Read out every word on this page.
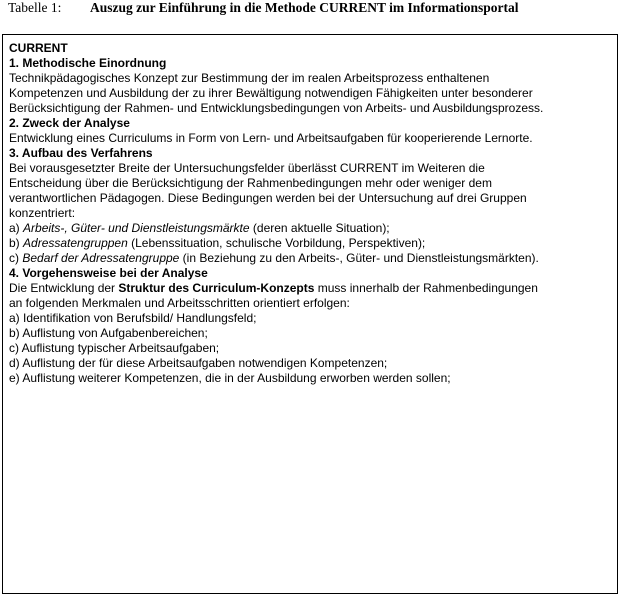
Tabelle 1: Auszug zur Einführung in die Methode CURRENT im Informationsportal

CURRENT

1. Methodische Einordnung

Technikpädagogisches Konzept zur Bestimmung der im realen Arbeitsprozess enthaltenen

Kompetenzen und Ausbildung der zu ihrer Bewältigung notwendigen Fähigkeiten unter besonderer

Berücksichtigung der Rahmen- und Entwicklungsbedingungen von Arbeits- und Ausbildungsprozess.

2. Zweck der Analyse

Entwicklung eines Curriculums in Form von Lern- und Arbeitsaufgaben für kooperierende Lernorte.

3. Aufbau des Verfahrens

Bei vorausgesetzter Breite der Untersuchungsfelder überlässt CURRENT im Weiteren die

Entscheidung über die Berücksichtigung der Rahmenbedingungen mehr oder weniger dem

verantwortlichen Pädagogen. Diese Bedingungen werden bei der Untersuchung auf drei Gruppen

konzentriert:

a) Arbeits-, Güter- und Dienstleistungsmärkte (deren aktuelle Situation);

b) Adressatengruppen (Lebenssituation, schulische Vorbildung, Perspektiven);

c) Bedarf der Adressatengruppe (in Beziehung zu den Arbeits-, Güter- und Dienstleistungsmärkten).

4. Vorgehensweise bei der Analyse

Die Entwicklung der Struktur des Curriculum-Konzepts muss innerhalb der Rahmenbedingungen

an folgenden Merkmalen und Arbeitsschritten orientiert erfolgen:

a) Identifikation von Berufsbild/ Handlungsfeld;

b) Auflistung von Aufgabenbereichen;

c) Auflistung typischer Arbeitsaufgaben;

d) Auflistung der für diese Arbeitsaufgaben notwendigen Kompetenzen;

e) Auflistung weiterer Kompetenzen, die in der Ausbildung erworben werden sollen;
